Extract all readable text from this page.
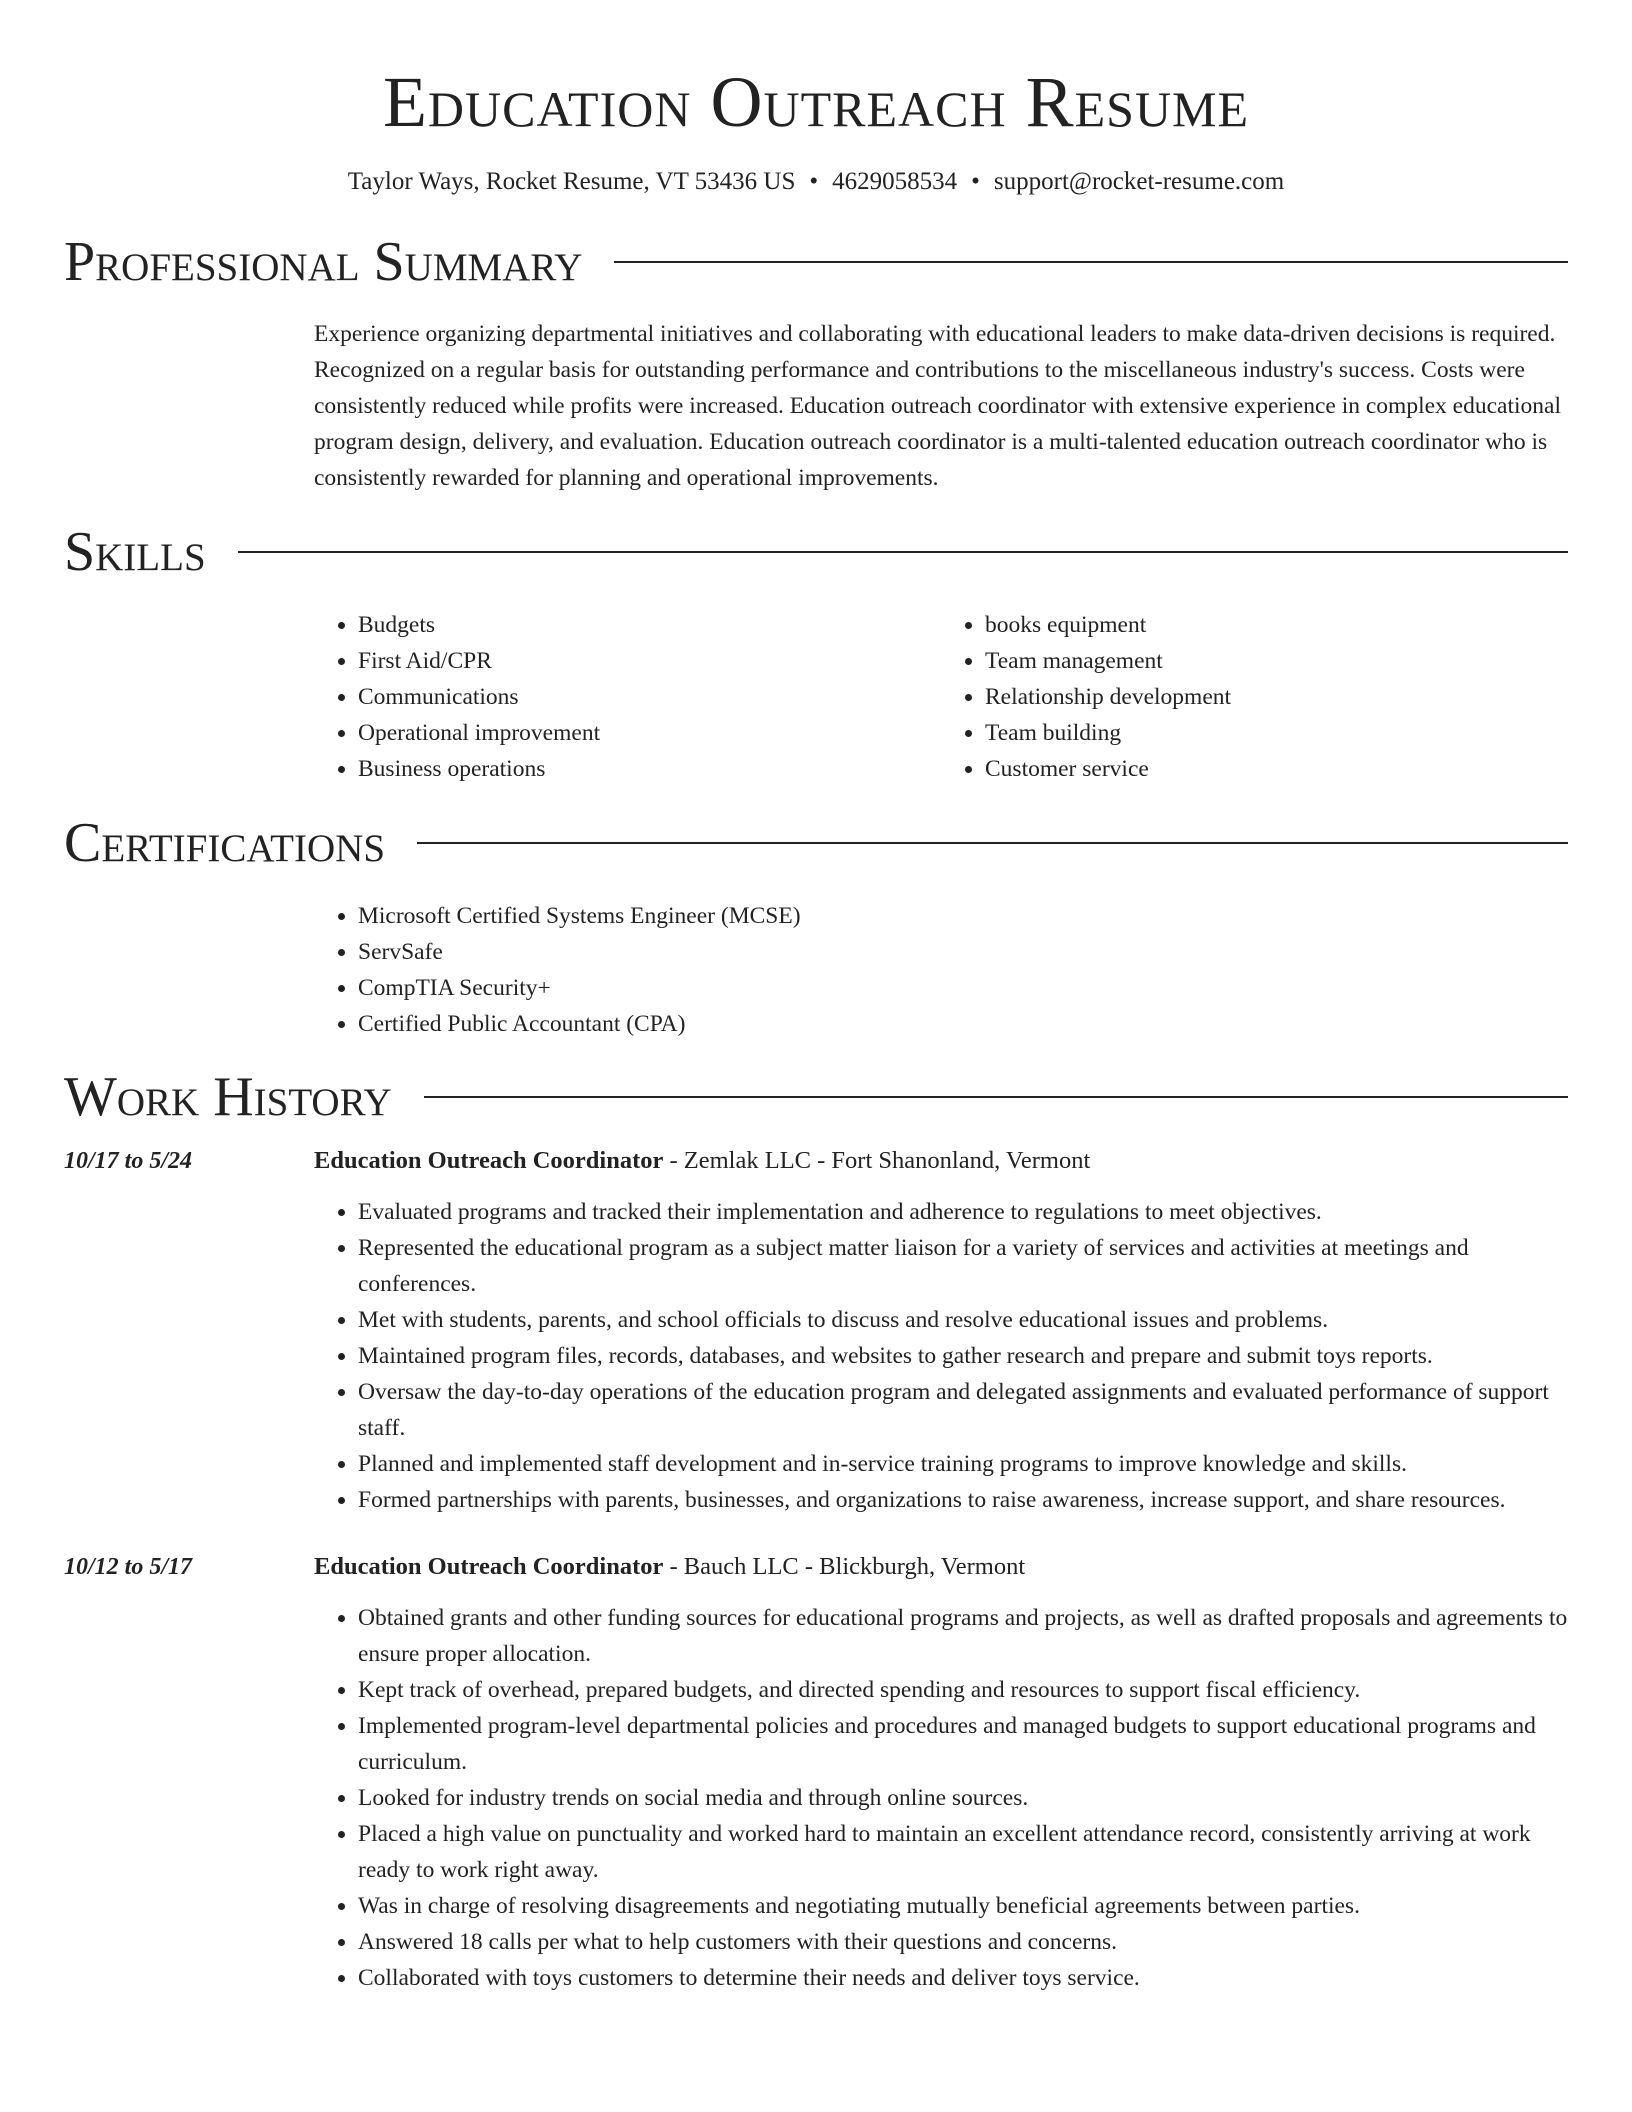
Education Outreach Resume
Taylor Ways, Rocket Resume, VT 53436 US • 4629058534 • support@rocket-resume.com
Professional Summary

Experience organizing departmental initiatives and collaborating with educational leaders to make data-driven decisions is required. Recognized on a regular basis for outstanding performance and contributions to the miscellaneous industry's success. Costs were consistently reduced while profits were increased. Education outreach coordinator with extensive experience in complex educational program design, delivery, and evaluation. Education outreach coordinator is a multi-talented education outreach coordinator who is consistently rewarded for planning and operational improvements.

Skills
• Budgets
• First Aid/CPR
• Communications
• Operational improvement
• Business operations
• books equipment
• Team management
• Relationship development
• Team building
• Customer service
Certifications
• Microsoft Certified Systems Engineer (MCSE)
• ServSafe
• CompTIA Security+
• Certified Public Accountant (CPA)
Work History
10/17 to 5/24	Education Outreach Coordinator - Zemlak LLC - Fort Shanonland, Vermont
• Evaluated programs and tracked their implementation and adherence to regulations to meet objectives.
• Represented the educational program as a subject matter liaison for a variety of services and activities at meetings and conferences.
• Met with students, parents, and school officials to discuss and resolve educational issues and problems.
• Maintained program files, records, databases, and websites to gather research and prepare and submit toys reports.
• Oversaw the day-to-day operations of the education program and delegated assignments and evaluated performance of support staff.
• Planned and implemented staff development and in-service training programs to improve knowledge and skills.
• Formed partnerships with parents, businesses, and organizations to raise awareness, increase support, and share resources.
10/12 to 5/17	Education Outreach Coordinator - Bauch LLC - Blickburgh, Vermont
• Obtained grants and other funding sources for educational programs and projects, as well as drafted proposals and agreements to ensure proper allocation.
• Kept track of overhead, prepared budgets, and directed spending and resources to support fiscal efficiency.
• Implemented program-level departmental policies and procedures and managed budgets to support educational programs and curriculum.
• Looked for industry trends on social media and through online sources.
• Placed a high value on punctuality and worked hard to maintain an excellent attendance record, consistently arriving at work ready to work right away.
• Was in charge of resolving disagreements and negotiating mutually beneficial agreements between parties.
• Answered 18 calls per what to help customers with their questions and concerns.
• Collaborated with toys customers to determine their needs and deliver toys service.
